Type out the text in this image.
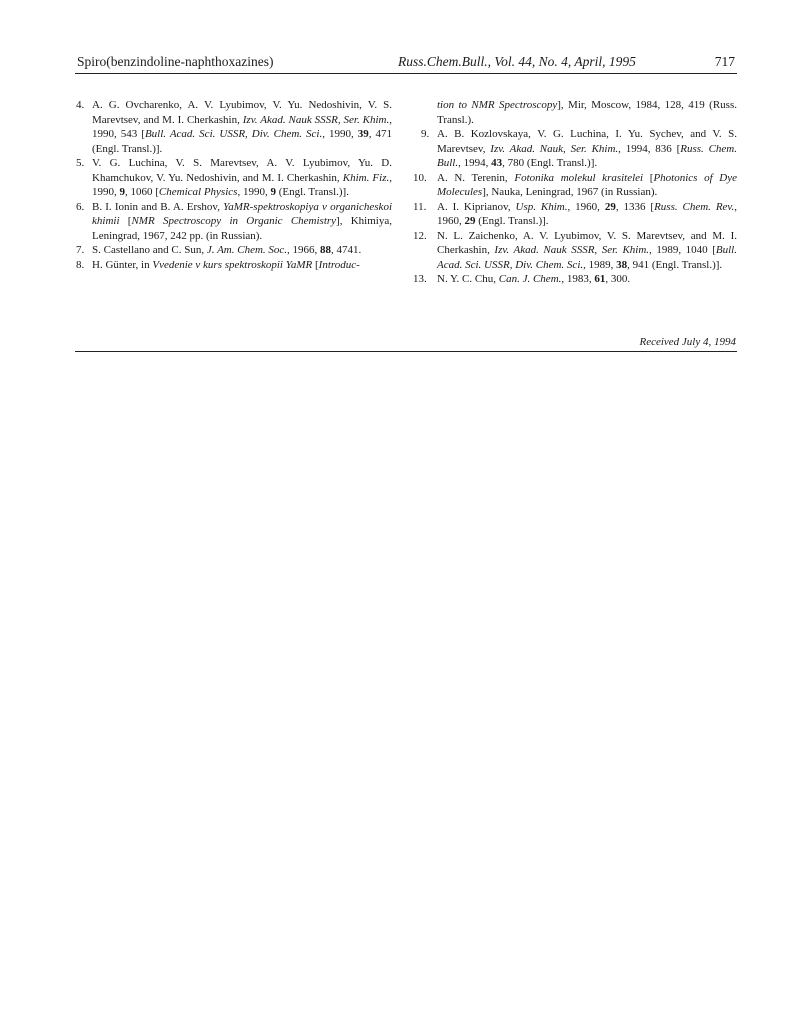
Spiro(benzindoline-naphthoxazines)	Russ.Chem.Bull., Vol. 44, No. 4, April, 1995	717

4. A. G. Ovcharenko, A. V. Lyubimov, V. Yu. Nedoshivin, V. S. Marevtsev, and M. I. Cherkashin, Izv. Akad. Nauk SSSR, Ser. Khim., 1990, 543 [Bull. Acad. Sci. USSR, Div. Chem. Sci., 1990, 39, 471 (Engl. Transl.)].

5. V. G. Luchina, V. S. Marevtsev, A. V. Lyubimov, Yu. D. Khamchukov, V. Yu. Nedoshivin, and M. I. Cherkashin, Khim. Fiz., 1990, 9, 1060 [Chemical Physics, 1990, 9 (Engl. Transl.)].

6. B. I. Ionin and B. A. Ershov, YaMR-spektroskopiya v organicheskoi khimii [NMR Spectroscopy in Organic Chemistry], Khimiya, Leningrad, 1967, 242 pp. (in Russian).

7. S. Castellano and C. Sun, J. Am. Chem. Soc., 1966, 88, 4741.

8. H. Günter, in Vvedenie v kurs spektroskopii YaMR [Introduc-

tion to NMR Spectroscopy], Mir, Moscow, 1984, 128, 419 (Russ. Transl.).

9. A. B. Kozlovskaya, V. G. Luchina, I. Yu. Sychev, and V. S. Marevtsev, Izv. Akad. Nauk, Ser. Khim., 1994, 836 [Russ. Chem. Bull., 1994, 43, 780 (Engl. Transl.)].

10. A. N. Terenin, Fotonika molekul krasitelei [Photonics of Dye Molecules], Nauka, Leningrad, 1967 (in Russian).

11. A. I. Kiprianov, Usp. Khim., 1960, 29, 1336 [Russ. Chem. Rev., 1960, 29 (Engl. Transl.)].

12. N. L. Zaichenko, A. V. Lyubimov, V. S. Marevtsev, and M. I. Cherkashin, Izv. Akad. Nauk SSSR, Ser. Khim., 1989, 1040 [Bull. Acad. Sci. USSR, Div. Chem. Sci., 1989, 38, 941 (Engl. Transl.)].

13. N. Y. C. Chu, Can. J. Chem., 1983, 61, 300.

Received July 4, 1994
